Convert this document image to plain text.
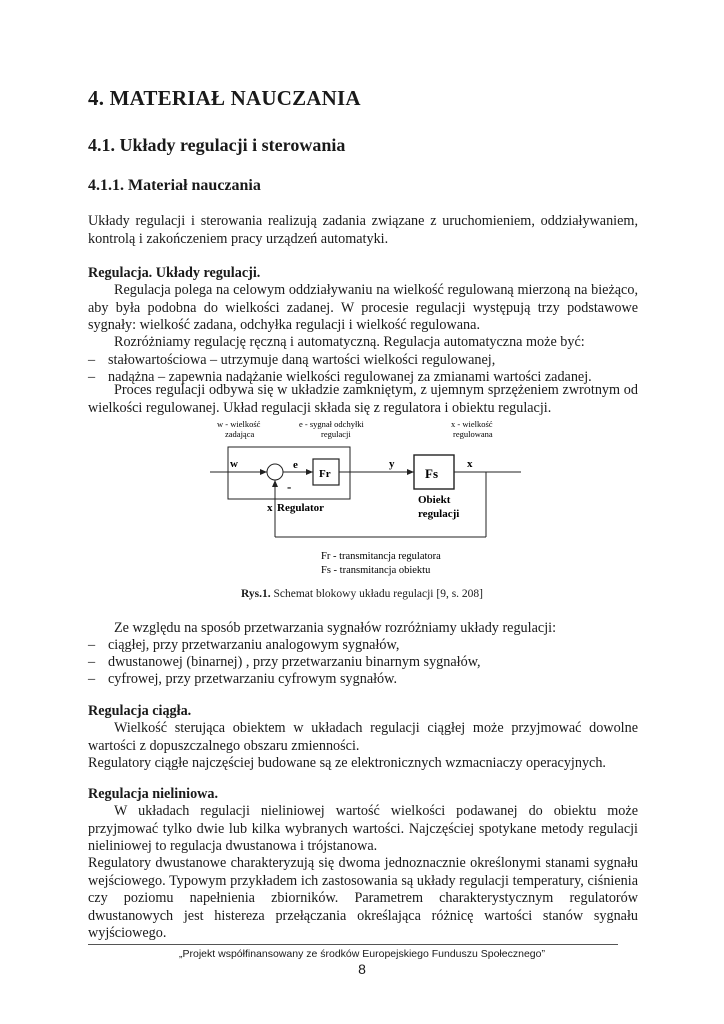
4. MATERIAŁ NAUCZANIA
4.1. Układy regulacji i sterowania
4.1.1. Materiał nauczania

Układy regulacji i sterowania realizują zadania związane z uruchomieniem, oddziaływaniem, kontrolą i zakończeniem pracy urządzeń automatyki.

Regulacja. Układy regulacji.

Regulacja polega na celowym oddziaływaniu na wielkość regulowaną mierzoną na bieżąco, aby była podobna do wielkości zadanej. W procesie regulacji występują trzy podstawowe sygnały: wielkość zadana, odchyłka regulacji i wielkość regulowana.

Rozróżniamy regulację ręczną i automatyczną. Regulacja automatyczna może być:

– stałowartościowa – utrzymuje daną wartości wielkości regulowanej,

– nadążna – zapewnia nadążanie wielkości regulowanej za zmianami wartości zadanej.

Proces regulacji odbywa się w układzie zamkniętym, z ujemnym sprzężeniem zwrotnym od wielkości regulowanej. Układ regulacji składa się z regulatora i obiektu regulacji.

w - wielkość
zadająca
e - sygnał odchyłki
regulacji
x - wielkość
regulowana
w	e
-
Fr
y
Fs
x
x Regulator
Obiekt
regulacji
Fr - transmitancja regulatora
Fs - transmitancja obiektu
Rys.1. Schemat blokowy układu regulacji [9, s. 208]

Ze względu na sposób przetwarzania sygnałów rozróżniamy układy regulacji:

– ciągłej, przy przetwarzaniu analogowym sygnałów,

– dwustanowej (binarnej) , przy przetwarzaniu binarnym sygnałów,

– cyfrowej, przy przetwarzaniu cyfrowym sygnałów.

Regulacja ciągła.

Wielkość sterująca obiektem w układach regulacji ciągłej może przyjmować dowolne wartości z dopuszczalnego obszaru zmienności.

Regulatory ciągłe najczęściej budowane są ze elektronicznych wzmacniaczy operacyjnych.

Regulacja nieliniowa.

W układach regulacji nieliniowej wartość wielkości podawanej do obiektu może przyjmować tylko dwie lub kilka wybranych wartości. Najczęściej spotykane metody regulacji nieliniowej to regulacja dwustanowa i trójstanowa.

Regulatory dwustanowe charakteryzują się dwoma jednoznacznie określonymi stanami sygnału wejściowego. Typowym przykładem ich zastosowania są układy regulacji temperatury, ciśnienia czy poziomu napełnienia zbiorników. Parametrem charakterystycznym regulatorów dwustanowych jest histereza przełączania określająca różnicę wartości stanów sygnału wyjściowego.

„Projekt współfinansowany ze środków Europejskiego Funduszu Społecznego”
8
